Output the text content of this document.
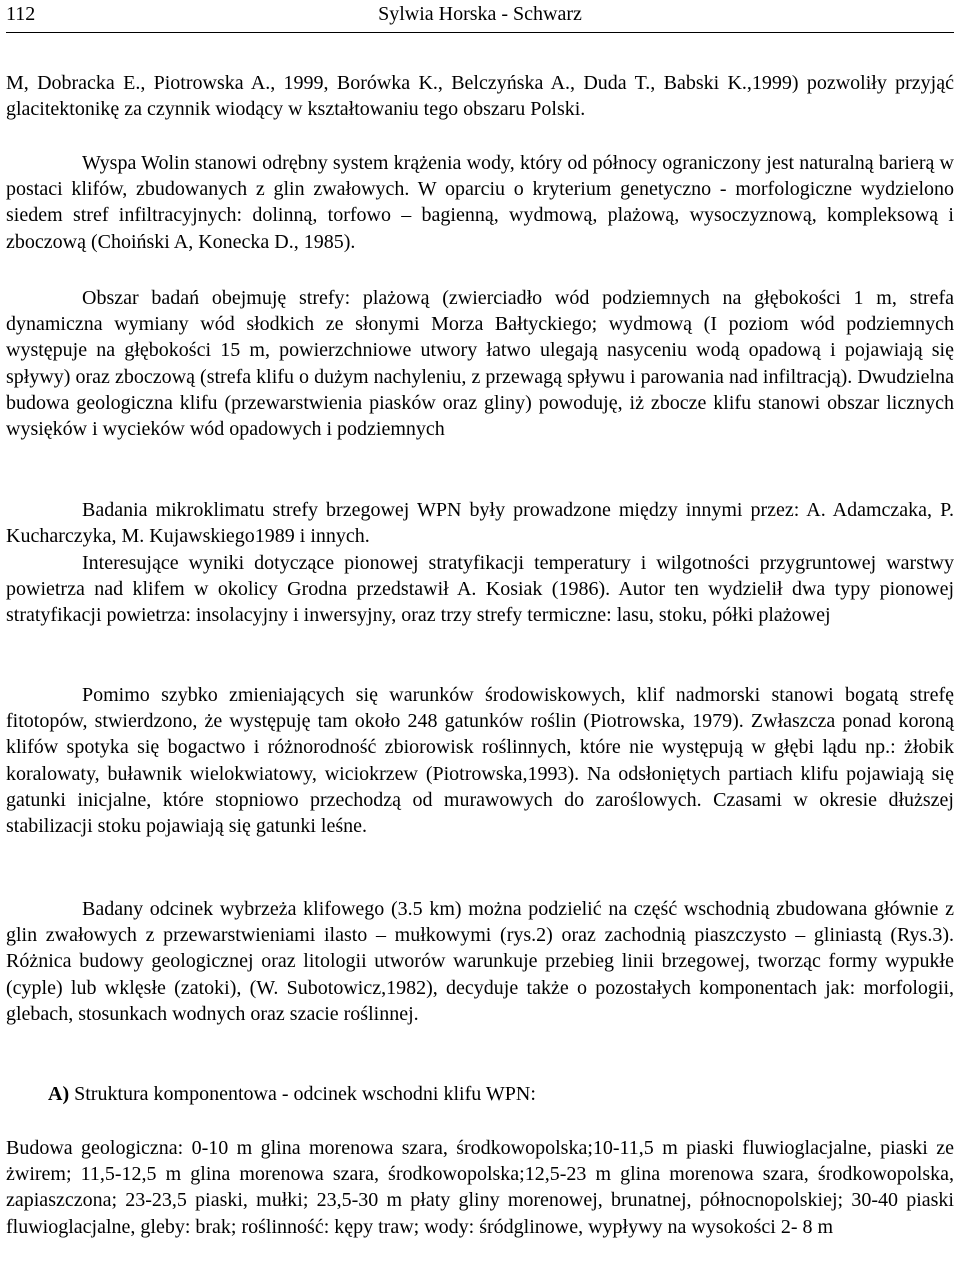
112	Sylwia Horska - Schwarz

M, Dobracka E., Piotrowska A., 1999, Borówka K., Belczyńska A., Duda T., Babski K.,1999) pozwoliły przyjąć glacitektonikę za czynnik wiodący w kształtowaniu tego obszaru Polski.

Wyspa Wolin stanowi odrębny system krążenia wody, który od północy ograniczony jest naturalną barierą w postaci klifów, zbudowanych z glin zwałowych. W oparciu o kryterium genetyczno - morfologiczne wydzielono siedem stref infiltracyjnych: dolinną, torfowo – bagienną, wydmową, plażową, wysoczyznową, kompleksową i zboczową (Choiński A, Konecka D., 1985).

Obszar badań obejmuję strefy: plażową (zwierciadło wód podziemnych na głębokości 1 m, strefa dynamiczna wymiany wód słodkich ze słonymi Morza Bałtyckiego; wydmową (I poziom wód podziemnych występuje na głębokości 15 m, powierzchniowe utwory łatwo ulegają nasyceniu wodą opadową i pojawiają się spływy) oraz zboczową (strefa klifu o dużym nachyleniu, z przewagą spływu i parowania nad infiltracją). Dwudzielna budowa geologiczna klifu (przewarstwienia piasków oraz gliny) powoduję, iż zbocze klifu stanowi obszar licznych wysięków i wycieków wód opadowych i podziemnych

Badania mikroklimatu strefy brzegowej WPN były prowadzone między innymi przez: A. Adamczaka, P. Kucharczyka, M. Kujawskiego1989 i innych.

Interesujące wyniki dotyczące pionowej stratyfikacji temperatury i wilgotności przygruntowej warstwy powietrza nad klifem w okolicy Grodna przedstawił A. Kosiak (1986). Autor ten wydzielił dwa typy pionowej stratyfikacji powietrza: insolacyjny i inwersyjny, oraz trzy strefy termiczne: lasu, stoku, półki plażowej

Pomimo szybko zmieniających się warunków środowiskowych, klif nadmorski stanowi bogatą strefę fitotopów, stwierdzono, że występuję tam około 248 gatunków roślin (Piotrowska, 1979). Zwłaszcza ponad koroną klifów spotyka się bogactwo i różnorodność zbiorowisk roślinnych, które nie występują w głębi lądu np.: żłobik koralowaty, buławnik wielokwiatowy, wiciokrzew (Piotrowska,1993). Na odsłoniętych partiach klifu pojawiają się gatunki inicjalne, które stopniowo przechodzą od murawowych do zaroślowych. Czasami w okresie dłuższej stabilizacji stoku pojawiają się gatunki leśne.

Badany odcinek wybrzeża klifowego (3.5 km) można podzielić na część wschodnią zbudowana głównie z glin zwałowych z przewarstwieniami ilasto – mułkowymi (rys.2) oraz zachodnią piaszczysto – gliniastą (Rys.3). Różnica budowy geologicznej oraz litologii utworów warunkuje przebieg linii brzegowej, tworząc formy wypukłe (cyple) lub wklęsłe (zatoki), (W. Subotowicz,1982), decyduje także o pozostałych komponentach jak: morfologii, glebach, stosunkach wodnych oraz szacie roślinnej.

A) Struktura komponentowa - odcinek wschodni klifu WPN:

Budowa geologiczna: 0-10 m glina morenowa szara, środkowopolska;10-11,5 m piaski fluwioglacjalne, piaski ze żwirem; 11,5-12,5 m glina morenowa szara, środkowopolska;12,5-23 m glina morenowa szara, środkowopolska, zapiaszczona; 23-23,5 piaski, mułki; 23,5-30 m płaty gliny morenowej, brunatnej, północnopolskiej; 30-40 piaski fluwioglacjalne, gleby: brak; roślinność: kępy traw; wody: śródglinowe, wypływy na wysokości 2- 8 m
